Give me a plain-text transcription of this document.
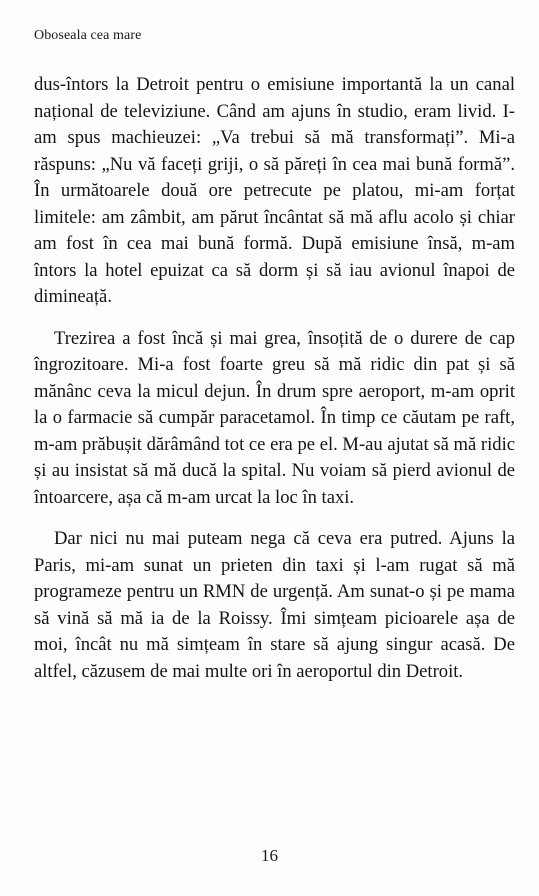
Oboseala cea mare

dus-întors la Detroit pentru o emisiune importantă la un canal național de televiziune. Când am ajuns în studio, eram livid. I-am spus machieuzei: „Va trebui să mă transformați”. Mi-a răspuns: „Nu vă faceți griji, o să păreți în cea mai bună formă”. În următoarele două ore petrecute pe platou, mi-am forțat limitele: am zâmbit, am părut încântat să mă aflu acolo și chiar am fost în cea mai bună formă. După emisiune însă, m-am întors la hotel epuizat ca să dorm și să iau avionul înapoi de dimineață.

Trezirea a fost încă și mai grea, însoțită de o durere de cap îngrozitoare. Mi-a fost foarte greu să mă ridic din pat și să mănânc ceva la micul dejun. În drum spre aeroport, m-am oprit la o farmacie să cumpăr paracetamol. În timp ce căutam pe raft, m-am prăbușit dărâmând tot ce era pe el. M-au ajutat să mă ridic și au insistat să mă ducă la spital. Nu voiam să pierd avionul de întoarcere, așa că m-am urcat la loc în taxi.

Dar nici nu mai puteam nega că ceva era putred. Ajuns la Paris, mi-am sunat un prieten din taxi și l-am rugat să mă programeze pentru un RMN de urgență. Am sunat-o și pe mama să vină să mă ia de la Roissy. Îmi simțeam picioarele așa de moi, încât nu mă simțeam în stare să ajung singur acasă. De altfel, căzusem de mai multe ori în aeroportul din Detroit.

16
